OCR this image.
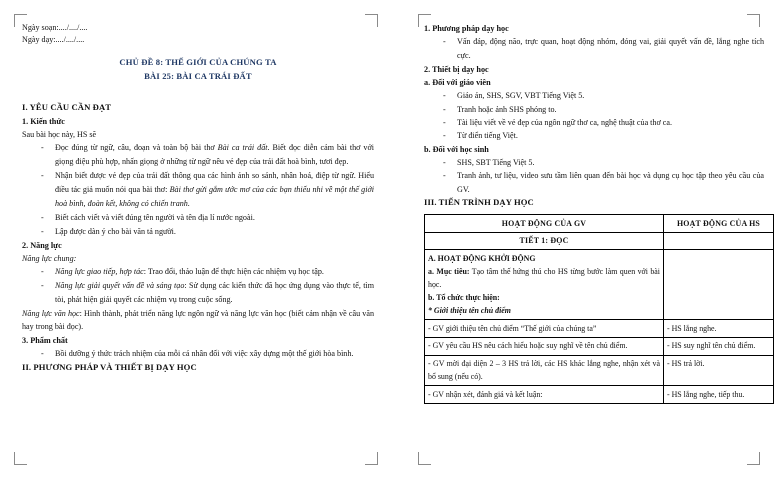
Ngày soạn:..../..../....
Ngày dạy:..../..../....
CHỦ ĐỀ 8: THẾ GIỚI CỦA CHÚNG TA
BÀI 25: BÀI CA TRÁI ĐẤT
I. YÊU CẦU CẦN ĐẠT
1. Kiến thức
Sau bài học này, HS sẽ
- Đọc đúng từ ngữ, câu, đoạn và toàn bộ bài thơ Bài ca trái đất. Biết đọc diễn cảm bài thơ với giọng điệu phù hợp, nhấn giọng ở những từ ngữ nêu vẻ đẹp của trái đất hoà bình, tươi đẹp.
- Nhận biết được vẻ đẹp của trái đất thông qua các hình ảnh so sánh, nhân hoá, điệp từ ngữ. Hiểu điều tác giả muốn nói qua bài thơ: Bài thơ gửi gắm ước mơ của các bạn thiếu nhi về một thế giới hoà bình, đoàn kết, không có chiến tranh.
- Biết cách viết và viết đúng tên người và tên địa lí nước ngoài.
- Lập được dàn ý cho bài văn tả người.
2. Năng lực
Năng lực chung:
- Năng lực giao tiếp, hợp tác: Trao đổi, thảo luận để thực hiện các nhiệm vụ học tập.
- Năng lực giải quyết vấn đề và sáng tạo: Sử dụng các kiến thức đã học ứng dụng vào thực tế, tìm tòi, phát hiện giải quyết các nhiệm vụ trong cuộc sống.
Năng lực văn học: Hình thành, phát triển năng lực ngôn ngữ và năng lực văn học (biết cảm nhận về câu văn hay trong bài đọc).
3. Phẩm chất
- Bồi dưỡng ý thức trách nhiệm của mỗi cá nhân đối với việc xây dựng một thế giới hòa bình.
II. PHƯƠNG PHÁP VÀ THIẾT BỊ DẠY HỌC
1. Phương pháp dạy học
- Vấn đáp, động não, trực quan, hoạt động nhóm, đóng vai, giải quyết vấn đề, lắng nghe tích cực.
2. Thiết bị dạy học
a. Đối với giáo viên
- Giáo án, SHS, SGV, VBT Tiếng Việt 5.
- Tranh hoặc ảnh SHS phóng to.
- Tài liệu viết về vẻ đẹp của ngôn ngữ thơ ca, nghệ thuật của thơ ca.
- Từ điển tiếng Việt.
b. Đối với học sinh
- SHS, SBT Tiếng Việt 5.
- Tranh ảnh, tư liệu, video sưu tầm liên quan đến bài học và dụng cụ học tập theo yêu cầu của GV.
III. TIẾN TRÌNH DẠY HỌC
HOẠT ĐỘNG CỦA GV	HOẠT ĐỘNG CỦA HS
TIẾT 1: ĐỌC	

A. HOẠT ĐỘNG KHỞI ĐỘNG
a. Mục tiêu: Tạo tâm thế hứng thú cho HS từng bước làm quen với bài học.
b. Tổ chức thực hiện:
* Giới thiệu tên chủ điểm	

- GV giới thiệu tên chủ điểm “Thế giới của chúng ta”	- HS lắng nghe.

- GV yêu cầu HS nêu cách hiểu hoặc suy nghĩ về tên chủ điểm.	- HS suy nghĩ tên chủ điểm.

- GV mời đại diện 2 – 3 HS trả lời, các HS khác lắng nghe, nhận xét và bổ sung (nếu có).	- HS trả lời.

- GV nhận xét, đánh giá và kết luận:	- HS lắng nghe, tiếp thu.
